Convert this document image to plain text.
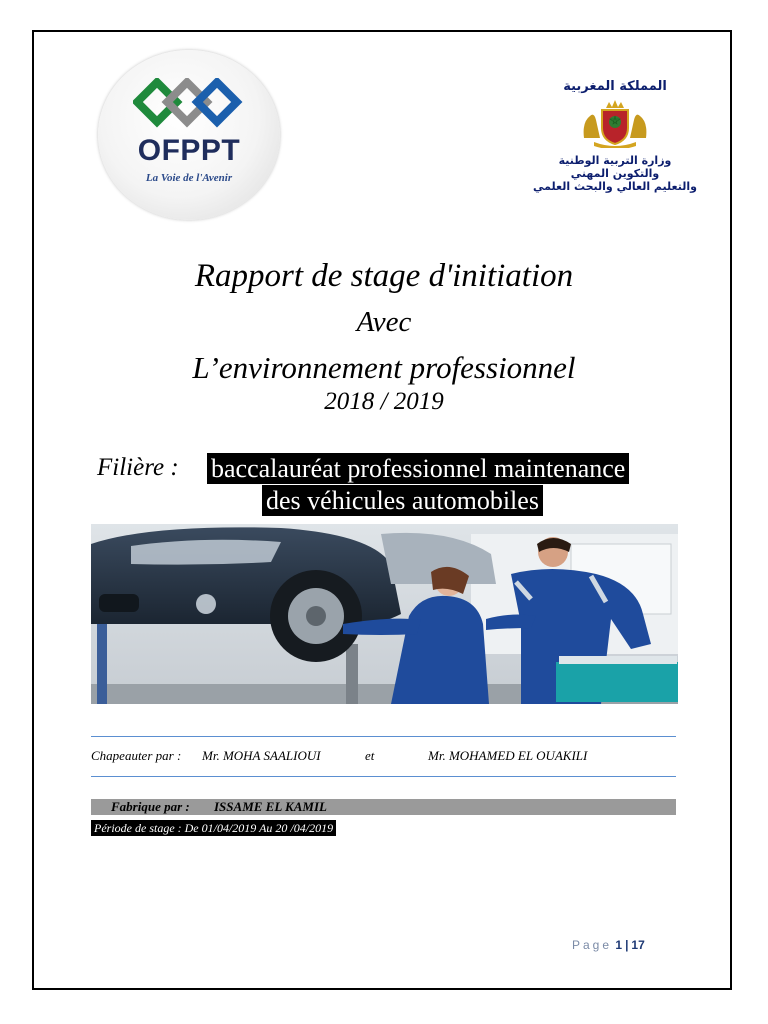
OFPPT
La Voie de l'Avenir
المملكة المغربية
وزارة التربية الوطنية
والتكوين المهني
والتعليم العالي والبحث العلمي
Rapport de stage d'initiation
Avec
L’environnement professionnel
2018 / 2019
Filière : baccalauréat professionnel maintenance
des véhicules automobiles
Chapeauter par : Mr. MOHA SAALIOUI	et	Mr. MOHAMED EL OUAKILI
Fabrique par : ISSAME EL KAMIL
Période de stage : De 01/04/2019 Au 20 /04/2019
Page 1 | 17
